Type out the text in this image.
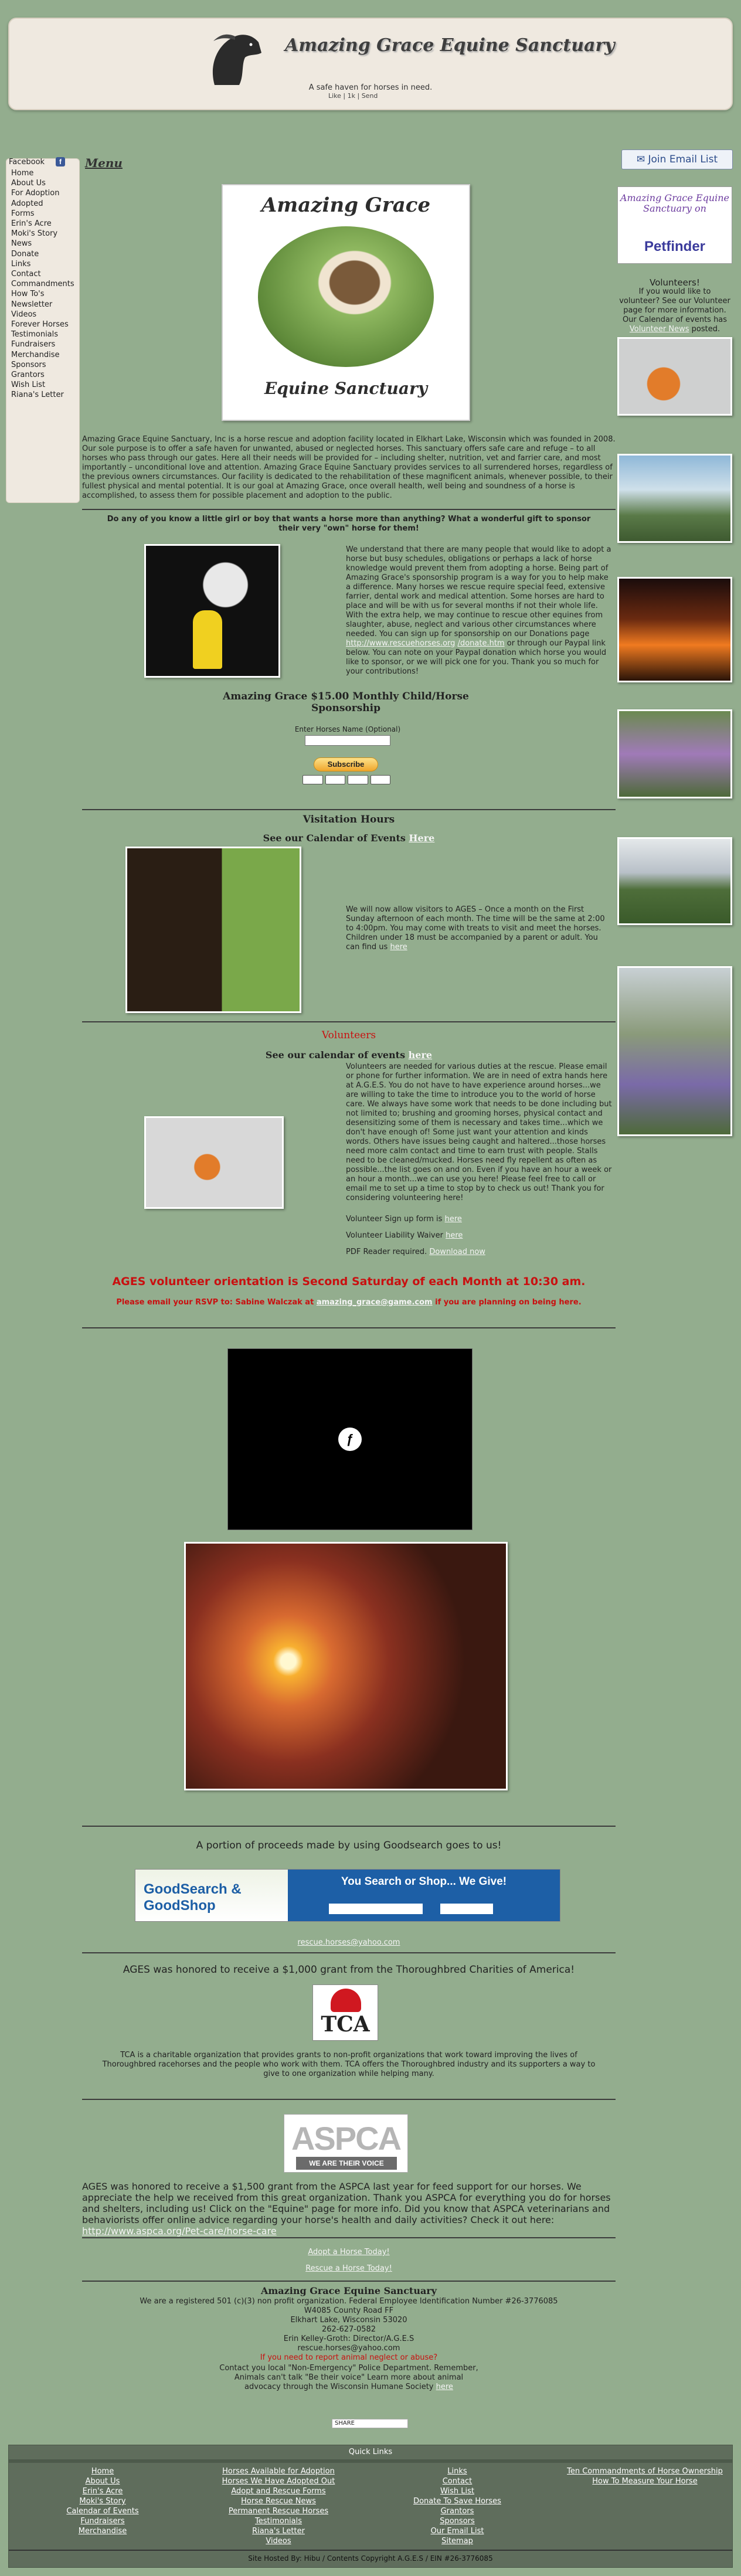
Amazing Grace Equine Sanctuary
A safe haven for horses in need.
Like | 1k | Send
Facebook	f
Home
About Us
For Adoption
Adopted
Forms
Erin's Acre
Moki's Story
News
Donate
Links
Contact
Commandments
How To's
Newsletter
Videos
Forever Horses
Testimonials
Fundraisers
Merchandise
Sponsors
Grantors
Wish List
Riana's Letter
Menu	✉ Join Email List
Amazing Grace
Equine Sanctuary
Amazing Grace Equine Sanctuary on
Petfinder
Volunteers!
If you would like to volunteer? See our Volunteer page for more information. Our Calendar of events has Volunteer News posted.
Amazing Grace Equine Sanctuary, Inc is a horse rescue and adoption facility located in Elkhart Lake, Wisconsin which was founded in 2008. Our sole purpose is to offer a safe haven for unwanted, abused or neglected horses. This sanctuary offers safe care and refuge – to all horses who pass through our gates. Here all their needs will be provided for – including shelter, nutrition, vet and farrier care, and most importantly – unconditional love and attention. Amazing Grace Equine Sanctuary provides services to all surrendered horses, regardless of the previous owners circumstances. Our facility is dedicated to the rehabilitation of these magnificent animals, whenever possible, to their fullest physical and mental potential. It is our goal at Amazing Grace, once overall health, well being and soundness of a horse is accomplished, to assess them for possible placement and adoption to the public.
Do any of you know a little girl or boy that wants a horse more than anything? What a wonderful gift to sponsor their very "own" horse for them!
We understand that there are many people that would like to adopt a horse but busy schedules, obligations or perhaps a lack of horse knowledge would prevent them from adopting a horse. Being part of Amazing Grace's sponsorship program is a way for you to help make a difference. Many horses we rescue require special feed, extensive farrier, dental work and medical attention. Some horses are hard to place and will be with us for several months if not their whole life. With the extra help, we may continue to rescue other equines from slaughter, abuse, neglect and various other circumstances where needed. You can sign up for sponsorship on our Donations page http://www.rescuehorses.org /donate.htm or through our Paypal link below. You can note on your Paypal donation which horse you would like to sponsor, or we will pick one for you. Thank you so much for your contributions!
Amazing Grace $15.00 Monthly Child/Horse Sponsorship
Enter Horses Name (Optional)
Subscribe
Visitation Hours
See our Calendar of Events Here
We will now allow visitors to AGES – Once a month on the First Sunday afternoon of each month. The time will be the same at 2:00 to 4:00pm. You may come with treats to visit and meet the horses. Children under 18 must be accompanied by a parent or adult. You can find us here
Volunteers
See our calendar of events here
Volunteers are needed for various duties at the rescue. Please email or phone for further information. We are in need of extra hands here at A.G.E.S. You do not have to have experience around horses...we are willing to take the time to introduce you to the world of horse care. We always have some work that needs to be done including but not limited to; brushing and grooming horses, physical contact and desensitizing some of them is necessary and takes time...which we don't have enough of! Some just want your attention and kinds words. Others have issues being caught and haltered...those horses need more calm contact and time to earn trust with people. Stalls need to be cleaned/mucked. Horses need fly repellent as often as possible...the list goes on and on. Even if you have an hour a week or an hour a month...we can use you here! Please feel free to call or email me to set up a time to stop by to check us out! Thank you for considering volunteering here!
Volunteer Sign up form is here
Volunteer Liability Waiver here
PDF Reader required. Download now
AGES volunteer orientation is Second Saturday of each Month at 10:30 am.
Please email your RSVP to: Sabine Walczak at amazing_grace@game.com if you are planning on being here.
ƒ
A portion of proceeds made by using Goodsearch goes to us!
GoodSearch & GoodShop
You Search or Shop... We Give!
rescue.horses@yahoo.com
AGES was honored to receive a $1,000 grant from the Thoroughbred Charities of America!
TCA
TCA is a charitable organization that provides grants to non-profit organizations that work toward improving the lives of Thoroughbred racehorses and the people who work with them. TCA offers the Thoroughbred industry and its supporters a way to give to one organization while helping many.
ASPCA
WE ARE THEIR VOICE
AGES was honored to receive a $1,500 grant from the ASPCA last year for feed support for our horses. We appreciate the help we received from this great organization. Thank you ASPCA for everything you do for horses and shelters, including us! Click on the "Equine" page for more info. Did you know that ASPCA veterinarians and behaviorists offer online advice regarding your horse's health and daily activities? Check it out here: http://www.aspca.org/Pet-care/horse-care
Adopt a Horse Today!
Rescue a Horse Today!
Amazing Grace Equine Sanctuary
We are a registered 501 (c)(3) non profit organization. Federal Employee Identification Number #26-3776085
W4085 County Road FF
Elkhart Lake, Wisconsin 53020
262-627-0582
Erin Kelley-Groth: Director/A.G.E.S
rescue.horses@yahoo.com
If you need to report animal neglect or abuse?
Contact you local "Non-Emergency" Police Department. Remember, Animals can't talk "Be their voice" Learn more about animal advocacy through the Wisconsin Humane Society here
SHARE
Quick Links
Home
About Us
Erin's Acre
Moki's Story
Calendar of Events
Fundraisers
Merchandise
Horses Available for Adoption
Horses We Have Adopted Out
Adopt and Rescue Forms
Horse Rescue News
Permanent Rescue Horses
Testimonials
Riana's Letter
Videos
Links
Contact
Wish List
Donate To Save Horses
Grantors
Sponsors
Our Email List
Sitemap
Ten Commandments of Horse Ownership
How To Measure Your Horse
Site Hosted By: Hibu / Contents Copyright A.G.E.S / EIN #26-3776085
